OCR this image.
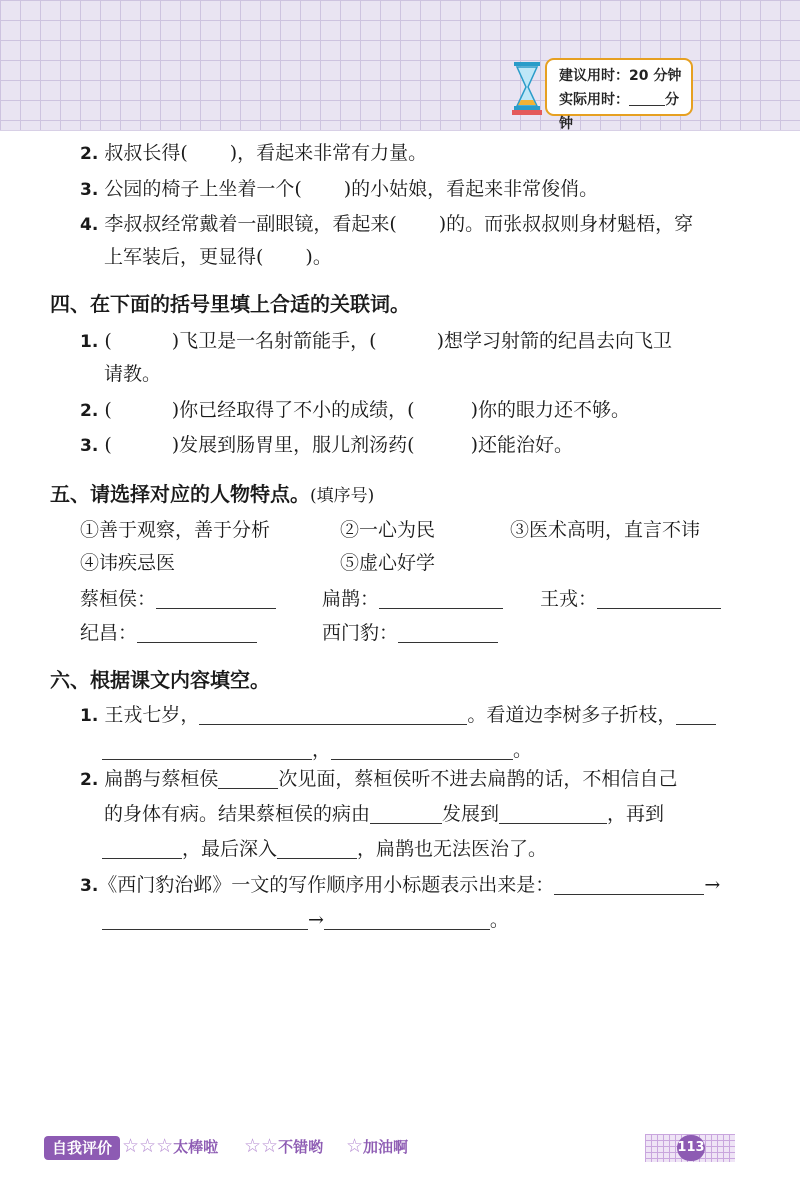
建议用时：20 分钟
实际用时：	分钟
2. 叔叔长得( )，看起来非常有力量。
3. 公园的椅子上坐着一个( )的小姑娘，看起来非常俊俏。
4. 李叔叔经常戴着一副眼镜，看起来( )的。而张叔叔则身材魁梧，穿
上军装后，更显得( )。
四、在下面的括号里填上合适的关联词。
1. (	)飞卫是一名射箭能手，(	)想学习射箭的纪昌去向飞卫
请教。
2. (	)你已经取得了不小的成绩，(	)你的眼力还不够。
3. (	)发展到肠胃里，服儿剂汤药(	)还能治好。
五、请选择对应的人物特点。(填序号)
①善于观察，善于分析	②一心为民	③医术高明，直言不讳
④讳疾忌医	⑤虚心好学
蔡桓侯：	扁鹊：	王戎：
纪昌：	西门豹：
六、根据课文内容填空。
1. 王戎七岁，	。看道边李树多子折枝，
，	。
2. 扁鹊与蔡桓侯	次见面，蔡桓侯听不进去扁鹊的话，不相信自己
的身体有病。结果蔡桓侯的病由	发展到	，再到
，最后深入	，扁鹊也无法医治了。
3.《西门豹治邺》一文的写作顺序用小标题表示出来是：	→
→	。
自我评价 ☆☆☆太棒啦 ☆☆不错哟 ☆加油啊	113
